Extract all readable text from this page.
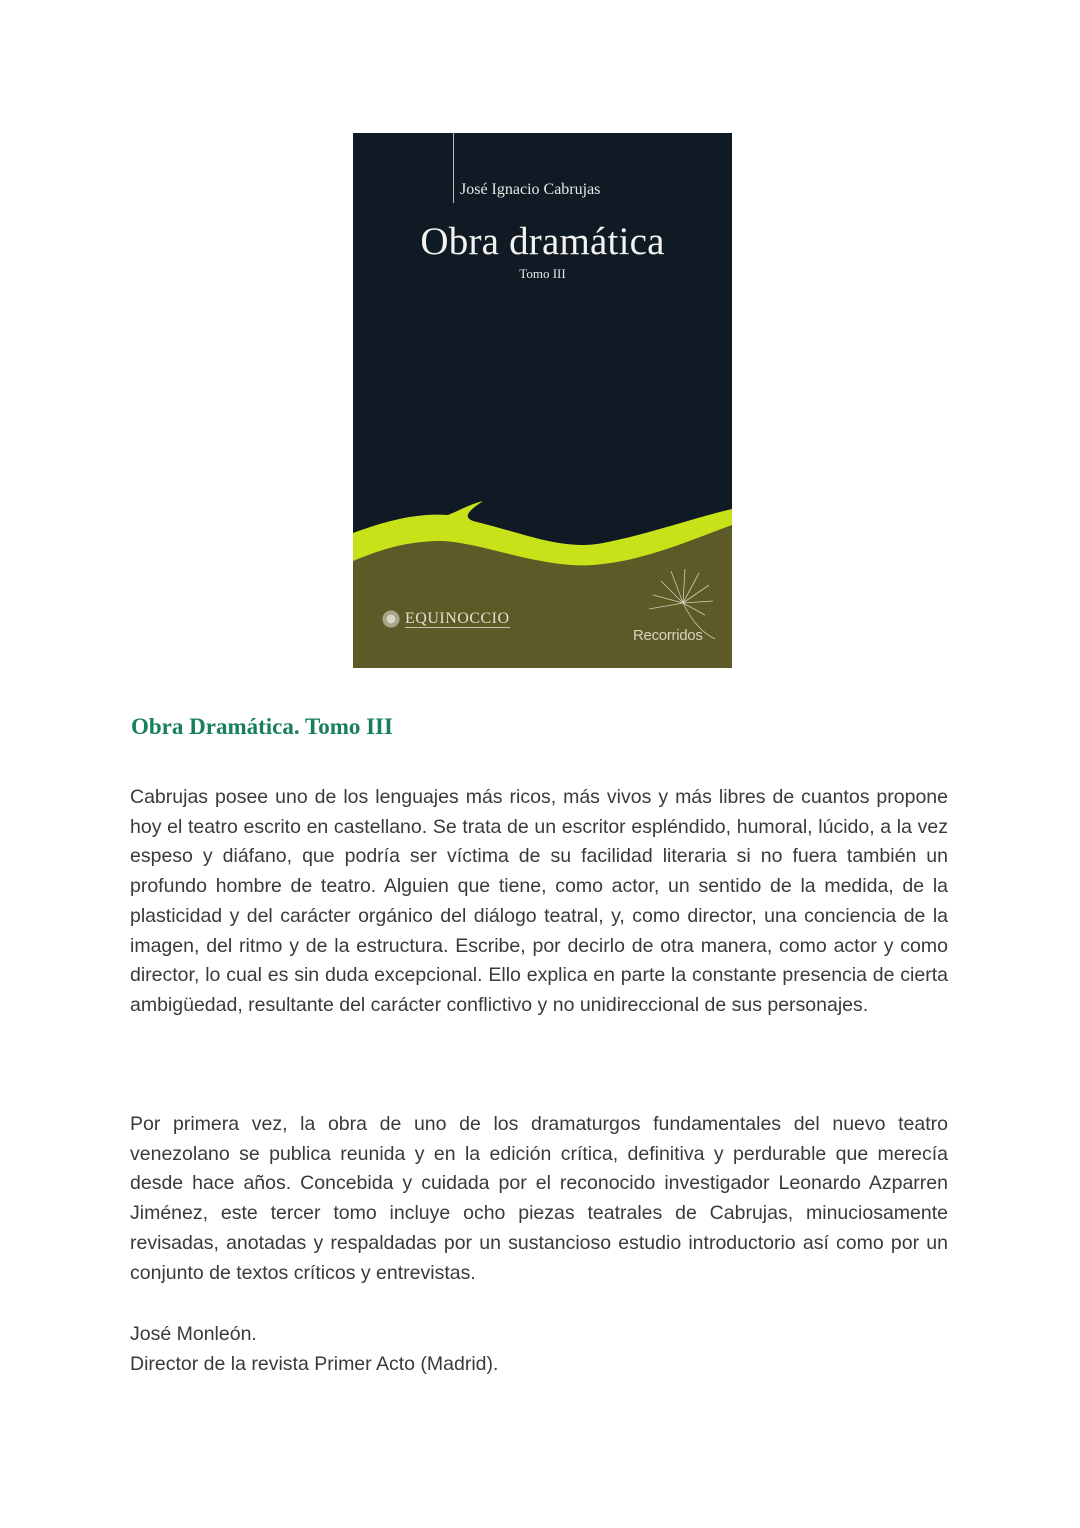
José Ignacio Cabrujas
Obra dramática
Tomo III
EQUINOCCIO
Recorridos
Obra Dramática. Tomo III

Cabrujas posee uno de los lenguajes más ricos, más vivos y más libres de cuantos propone hoy el teatro escrito en castellano. Se trata de un escritor espléndido, humoral, lúcido, a la vez espeso y diáfano, que podría ser víctima de su facilidad literaria si no fuera también un profundo hombre de teatro. Alguien que tiene, como actor, un sentido de la medida, de la plasticidad y del carácter orgánico del diálogo teatral, y, como director, una conciencia de la imagen, del ritmo y de la estructura. Escribe, por decirlo de otra manera, como actor y como director, lo cual es sin duda excepcional. Ello explica en parte la constante presencia de cierta ambigüedad, resultante del carácter conflictivo y no unidireccional de sus personajes.

Por primera vez, la obra de uno de los dramaturgos fundamentales del nuevo teatro venezolano se publica reunida y en la edición crítica, definitiva y perdurable que merecía desde hace años. Concebida y cuidada por el reconocido investigador Leonardo Azparren Jiménez, este tercer tomo incluye ocho piezas teatrales de Cabrujas, minuciosamente revisadas, anotadas y respaldadas por un sustancioso estudio introductorio así como por un conjunto de textos críticos y entrevistas.

José Monleón.
Director de la revista Primer Acto (Madrid).
